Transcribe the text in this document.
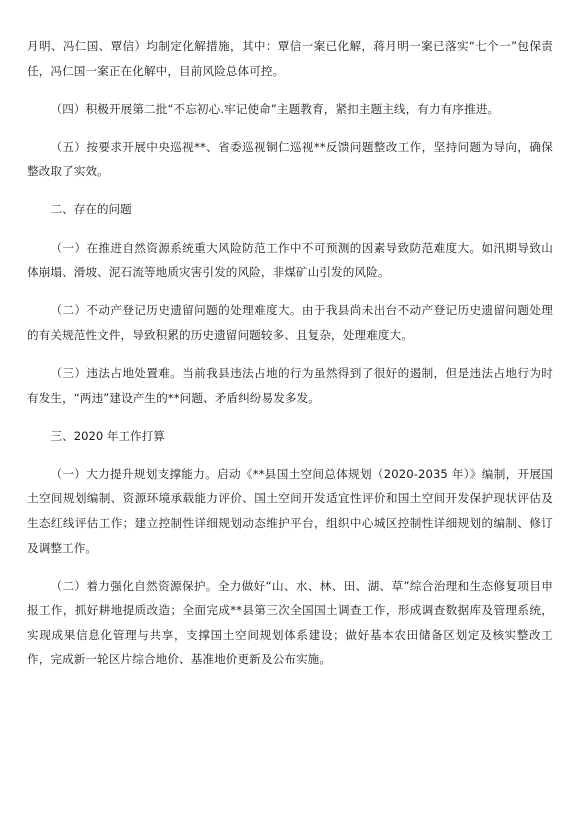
月明、冯仁国、覃信）均制定化解措施，其中：覃信一案已化解，蒋月明一案已落实“七个一”包保责任，冯仁国一案正在化解中，目前风险总体可控。

（四）积极开展第二批“不忘初心.牢记使命”主题教育，紧扣主题主线，有力有序推进。

（五）按要求开展中央巡视**、省委巡视铜仁巡视**反馈问题整改工作，坚持问题为导向，确保整改取了实效。

二、存在的问题

（一）在推进自然资源系统重大风险防范工作中不可预测的因素导致防范难度大。如汛期导致山体崩塌、滑坡、泥石流等地质灾害引发的风险，非煤矿山引发的风险。

（二）不动产登记历史遗留问题的处理难度大。由于我县尚未出台不动产登记历史遗留问题处理的有关规范性文件，导致积累的历史遗留问题较多、且复杂，处理难度大。

（三）违法占地处置难。当前我县违法占地的行为虽然得到了很好的遏制，但是违法占地行为时有发生，“两违”建设产生的**问题、矛盾纠纷易发多发。

三、2020 年工作打算

（一）大力提升规划支撑能力。启动《**县国土空间总体规划（2020-2035 年）》编制，开展国土空间规划编制、资源环境承载能力评价、国土空间开发适宜性评价和国土空间开发保护现状评估及生态红线评估工作；建立控制性详细规划动态维护平台，组织中心城区控制性详细规划的编制、修订及调整工作。

（二）着力强化自然资源保护。全力做好“山、水、林、田、湖、草”综合治理和生态修复项目申报工作，抓好耕地提质改造；全面完成**县第三次全国国土调查工作，形成调查数据库及管理系统，实现成果信息化管理与共享，支撑国土空间规划体系建设；做好基本农田储备区划定及核实整改工作，完成新一轮区片综合地价、基准地价更新及公布实施。
